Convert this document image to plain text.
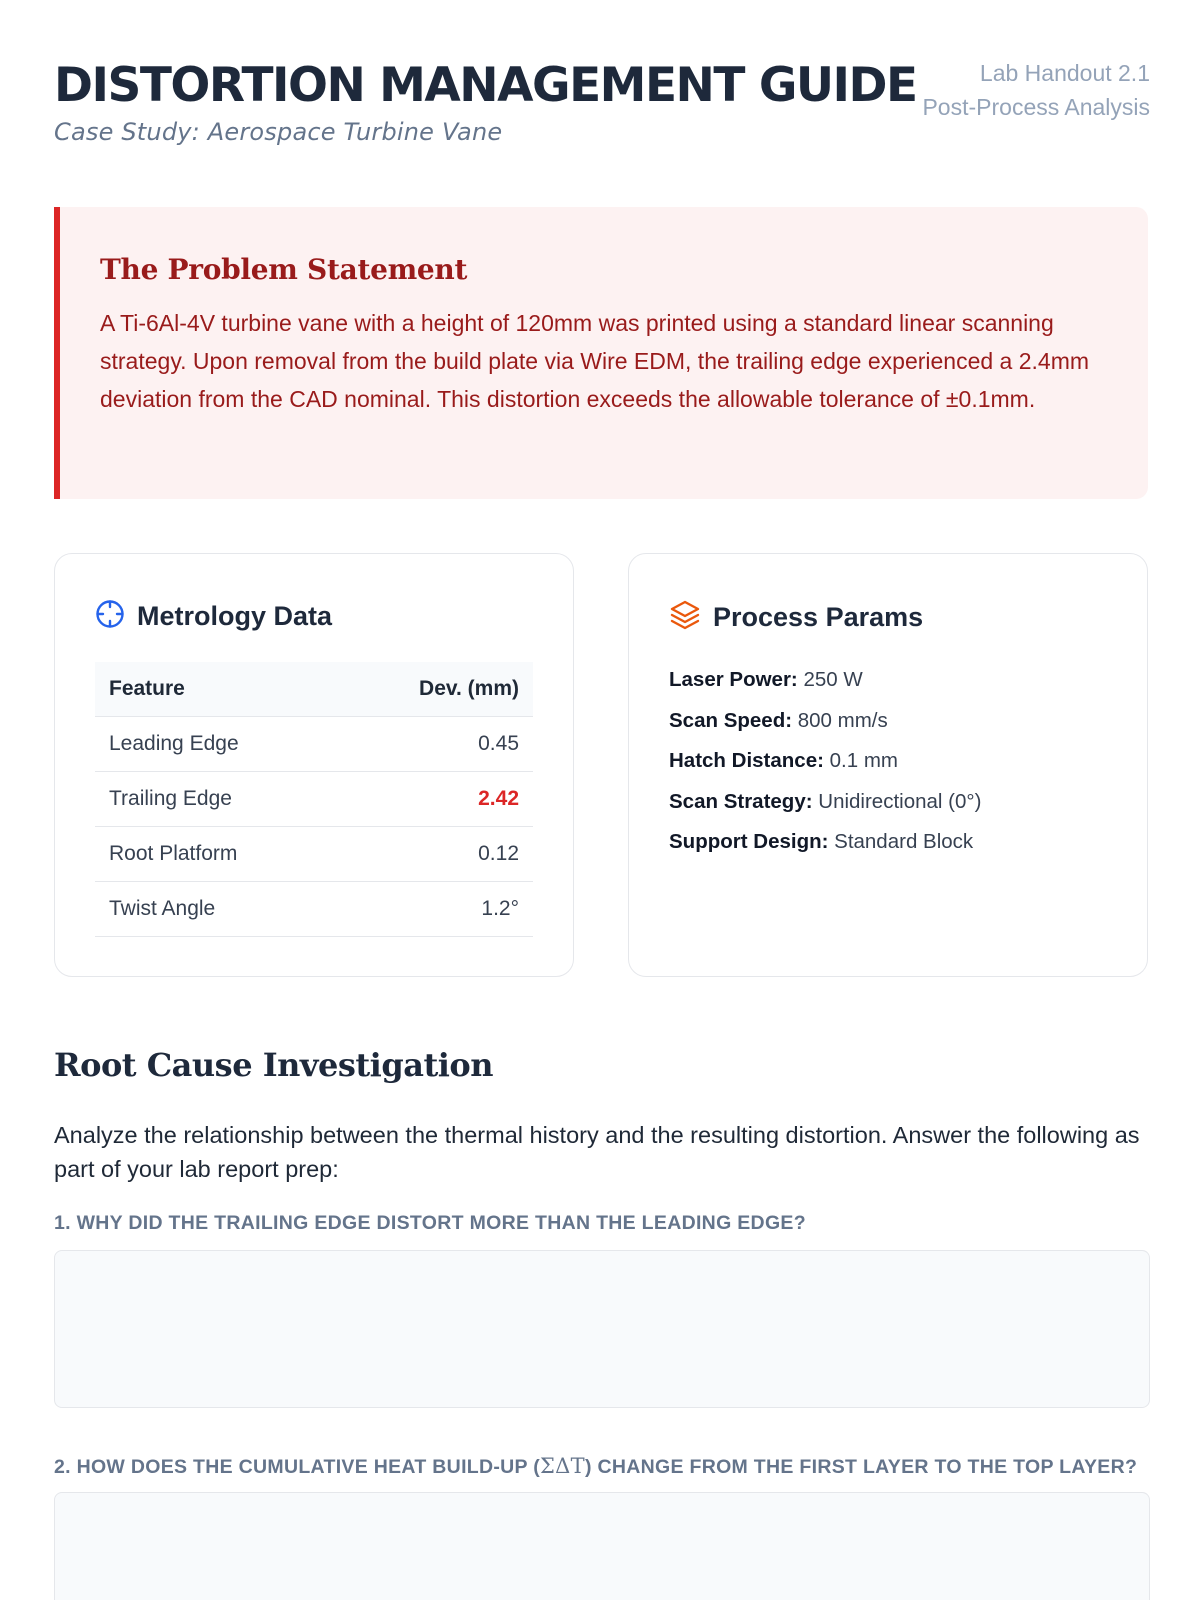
DISTORTION MANAGEMENT GUIDE
Case Study: Aerospace Turbine Vane
Lab Handout 2.1
Post-Process Analysis
The Problem Statement

A Ti-6Al-4V turbine vane with a height of 120mm was printed using a standard linear scanning strategy. Upon removal from the build plate via Wire EDM, the trailing edge experienced a 2.4mm deviation from the CAD nominal. This distortion exceeds the allowable tolerance of ±0.1mm.

Metrology Data
Feature	Dev. (mm)
Leading Edge	0.45
Trailing Edge	2.42
Root Platform	0.12
Twist Angle	1.2°
Process Params
Laser Power: 250 W
Scan Speed: 800 mm/s
Hatch Distance: 0.1 mm
Scan Strategy: Unidirectional (0°)
Support Design: Standard Block
Root Cause Investigation

Analyze the relationship between the thermal history and the resulting distortion. Answer the following as part of your lab report prep:

1. WHY DID THE TRAILING EDGE DISTORT MORE THAN THE LEADING EDGE?
2. HOW DOES THE CUMULATIVE HEAT BUILD-UP (ΣΔT) CHANGE FROM THE FIRST LAYER TO THE TOP LAYER?
